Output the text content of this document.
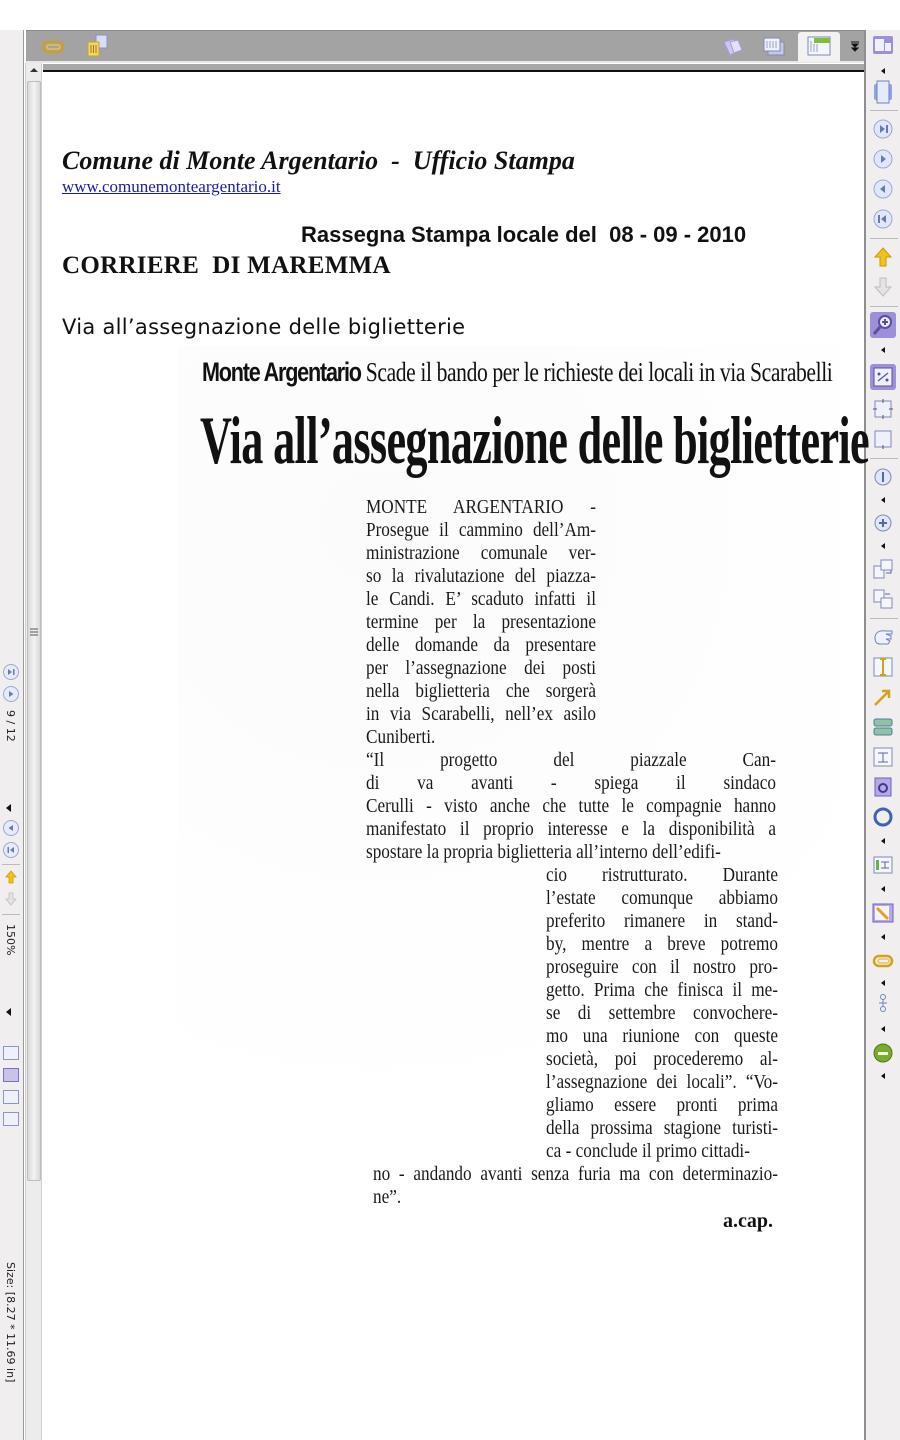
9 / 12
150%
Size: [8.27 * 11.69 in]
Comune di Monte Argentario  -  Ufficio Stampa
www.comunemonteargentario.it
Rassegna Stampa locale del  08 - 09 - 2010
CORRIERE  DI MAREMMA
Via all’assegnazione delle biglietterie
Monte Argentario Scade il bando per le richieste dei locali in via Scarabelli
Via all’assegnazione delle biglietterie
MONTE ARGENTARIO -
Prosegue il cammino dell’Am-
ministrazione comunale ver-
so la rivalutazione del piazza-
le Candi. E’ scaduto infatti il
termine per la presentazione
delle domande da presentare
per l’assegnazione dei posti
nella biglietteria che sorgerà
in via Scarabelli, nell’ex asilo
Cuniberti.
“Il progetto del piazzale Can-
di va avanti - spiega il sindaco
Cerulli - visto anche che tutte le compagnie hanno
manifestato il proprio interesse e la disponibilità a
spostare la propria biglietteria all’interno dell’edifi-
cio ristrutturato. Durante
l’estate comunque abbiamo
preferito rimanere in stand-
by, mentre a breve potremo
proseguire con il nostro pro-
getto. Prima che finisca il me-
se di settembre convochere-
mo una riunione con queste
società, poi procederemo al-
l’assegnazione dei locali”. “Vo-
gliamo essere pronti prima
della prossima stagione turisti-
ca - conclude il primo cittadi-
no - andando avanti senza furia ma con determinazio-
ne”.
a.cap.
